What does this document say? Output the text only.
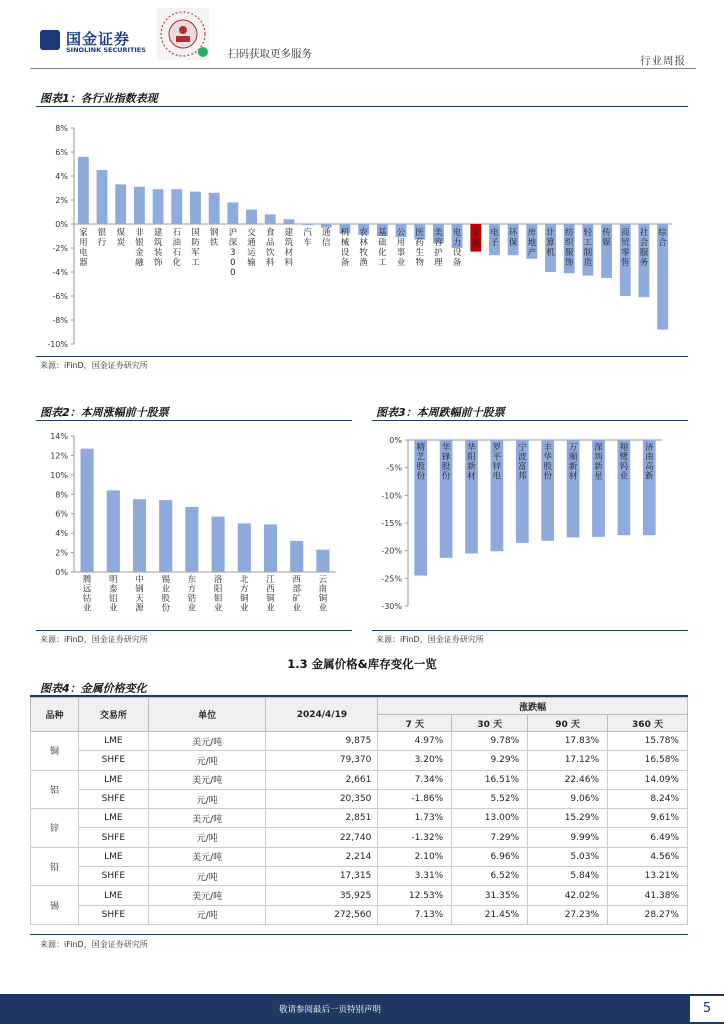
国金证券
SINOLINK SECURITIES	扫码获取更多服务
行业周报
图表1：各行业指数表现
8%
6%
4%
2%
0%
-2%
-4%
-6%
-8%
-10%
家用电器
银行
煤炭
非银金融
建筑装饰
石油石化
国防军工
钢铁
沪深 3 0 0
交通运输
食品饮料
建筑材料
汽车
通信
机械设备
农林牧渔
基础化工
公用事业
医药生物
美容护理
电力设备
金属
电子
环保
房地产
计算机
纺织服饰
轻工制造
传媒
商贸零售
社会服务
综合
来源：iFinD，国金证券研究所
图表2：本周涨幅前十股票
14%
12%
10%
8%
6%
4%
2%
0%
腾远钴业
明泰铝业
中钢天源
锡业股份
东方锆业
洛阳钼业
北方铜业
江西铜业
西部矿业
云南铜业
来源：iFinD，国金证券研究所
图表3：本周跌幅前十股票
0%
-5%
-10%
-15%
-20%
-25%
-30%
精艺股份
华锋股份
华阳新材
罗平锌电
宁波富邦
丰华股份
万顺新材
深圳新星
翔鹭钨业
济南高新
来源：iFinD，国金证券研究所
1.3 金属价格&库存变化一览
图表4：金属价格变化
品种	交易所	单位	2024/4/19	涨跌幅			
				7 天	30 天	90 天	360 天
铜	LME	美元/吨	9,875	4.97%	9.78%	17.83%	15.78%
	SHFE	元/吨	79,370	3.20%	9.29%	17.12%	16.58%
铝	LME	美元/吨	2,661	7.34%	16.51%	22.46%	14.09%
	SHFE	元/吨	20,350	-1.86%	5.52%	9.06%	8.24%
锌	LME	美元/吨	2,851	1.73%	13.00%	15.29%	9.61%
	SHFE	元/吨	22,740	-1.32%	7.29%	9.99%	6.49%
铅	LME	美元/吨	2,214	2.10%	6.96%	5.03%	4.56%
	SHFE	元/吨	17,315	3.31%	6.52%	5.84%	13.21%
锡	LME	美元/吨	35,925	12.53%	31.35%	42.02%	41.38%
	SHFE	元/吨	272,560	7.13%	21.45%	27.23%	28.27%
来源：iFinD，国金证券研究所
敬请参阅最后一页特别声明	5
